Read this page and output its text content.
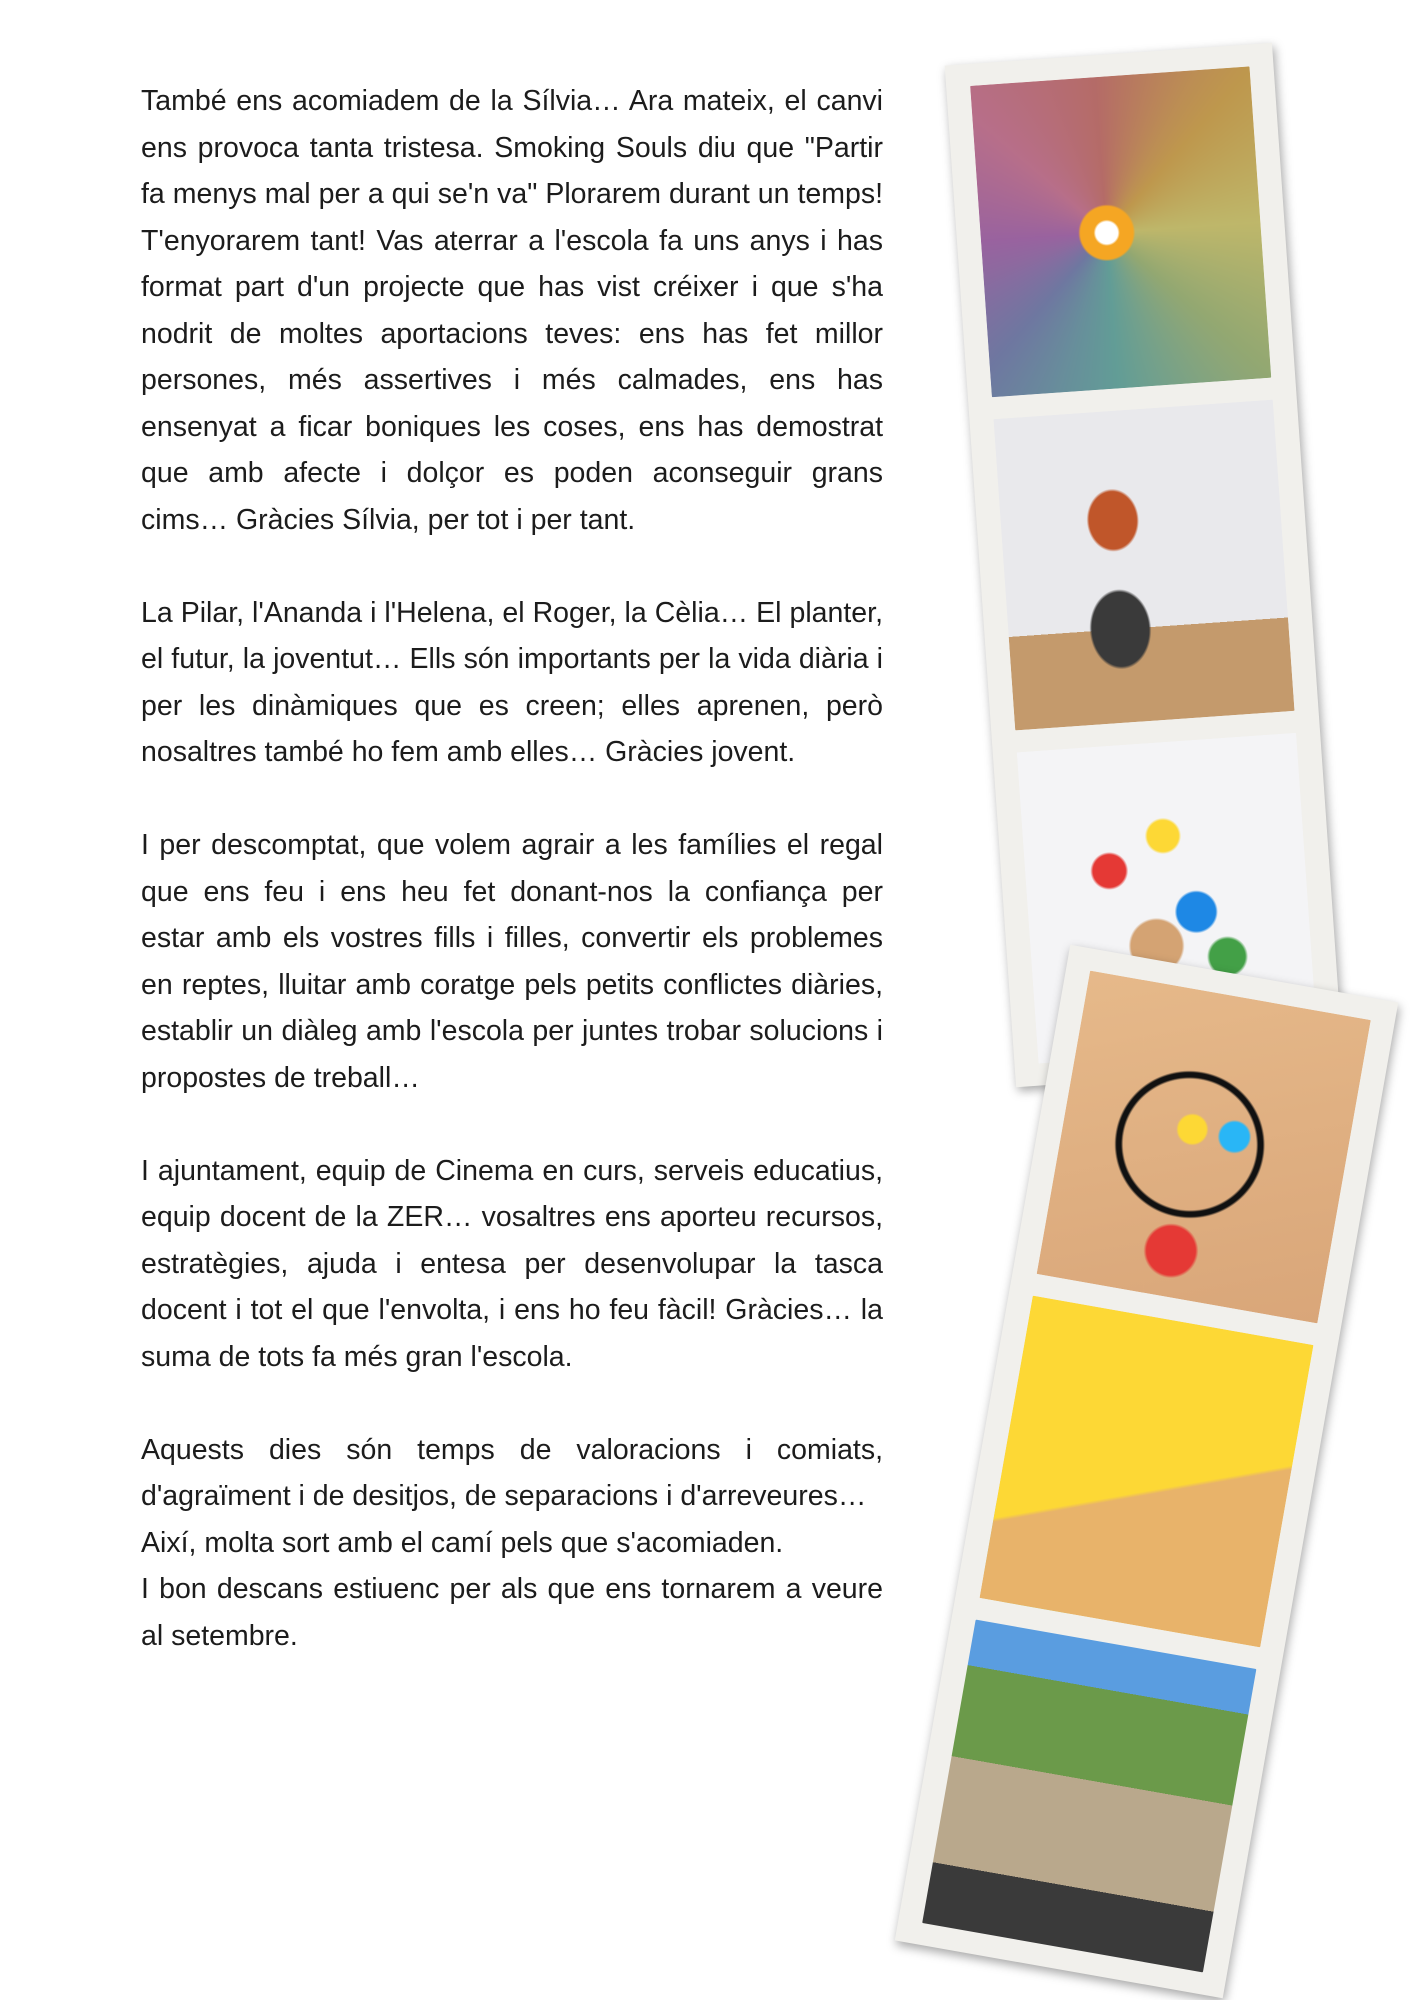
També ens acomiadem de la Sílvia… Ara mateix, el canvi ens provoca tanta tristesa. Smoking Souls diu que "Partir fa menys mal per a qui se'n va" Plorarem durant un temps! T'enyorarem tant! Vas aterrar a l'escola fa uns anys i has format part d'un projecte que has vist créixer i que s'ha nodrit de moltes aportacions teves: ens has fet millor persones, més assertives i més calmades, ens has ensenyat a ficar boniques les coses, ens has demostrat que amb afecte i dolçor es poden aconseguir grans cims… Gràcies Sílvia, per tot i per tant.

La Pilar, l'Ananda i l'Helena, el Roger, la Cèlia… El planter, el futur, la joventut… Ells són importants per la vida diària i per les dinàmiques que es creen; elles aprenen, però nosaltres també ho fem amb elles… Gràcies jovent.

I per descomptat, que volem agrair a les famílies el regal que ens feu i ens heu fet donant-nos la confiança per estar amb els vostres fills i filles, convertir els problemes en reptes, lluitar amb coratge pels petits conflictes diàries, establir un diàleg amb l'escola per juntes trobar solucions i propostes de treball…

I ajuntament, equip de Cinema en curs, serveis educatius, equip docent de la ZER… vosaltres ens aporteu recursos, estratègies, ajuda i entesa per desenvolupar la tasca docent i tot el que l'envolta, i ens ho feu fàcil! Gràcies… la suma de tots fa més gran l'escola.

Aquests dies són temps de valoracions i comiats, d'agraïment i de desitjos, de separacions i d'arreveures…
Així, molta sort amb el camí pels que s'acomiaden.
I bon descans estiuenc per als que ens tornarem a veure al setembre.
